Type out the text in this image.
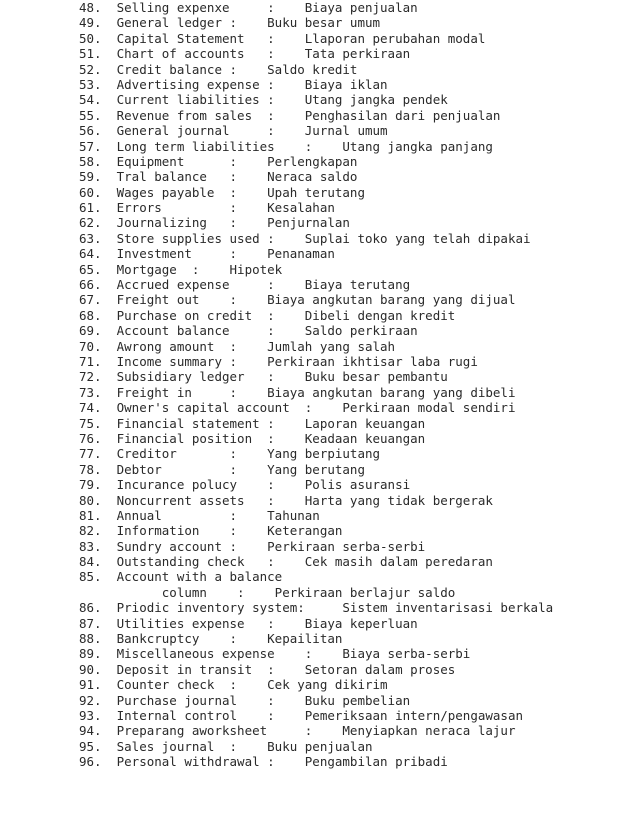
48.  Selling expenxe     :    Biaya penjualan
49.  General ledger :    Buku besar umum
50.  Capital Statement   :    Llaporan perubahan modal
51.  Chart of accounts   :    Tata perkiraan
52.  Credit balance :    Saldo kredit
53.  Advertising expense :    Biaya iklan
54.  Current liabilities :    Utang jangka pendek
55.  Revenue from sales  :    Penghasilan dari penjualan
56.  General journal     :    Jurnal umum
57.  Long term liabilities    :    Utang jangka panjang
58.  Equipment      :    Perlengkapan
59.  Tral balance   :    Neraca saldo
60.  Wages payable  :    Upah terutang
61.  Errors         :    Kesalahan
62.  Journalizing   :    Penjurnalan
63.  Store supplies used :    Suplai toko yang telah dipakai
64.  Investment     :    Penanaman
65.  Mortgage  :    Hipotek
66.  Accrued expense     :    Biaya terutang
67.  Freight out    :    Biaya angkutan barang yang dijual
68.  Purchase on credit  :    Dibeli dengan kredit
69.  Account balance     :    Saldo perkiraan
70.  Awrong amount  :    Jumlah yang salah
71.  Income summary :    Perkiraan ikhtisar laba rugi
72.  Subsidiary ledger   :    Buku besar pembantu
73.  Freight in     :    Biaya angkutan barang yang dibeli
74.  Owner's capital account  :    Perkiraan modal sendiri
75.  Financial statement :    Laporan keuangan
76.  Financial position  :    Keadaan keuangan
77.  Creditor       :    Yang berpiutang
78.  Debtor         :    Yang berutang
79.  Incurance polucy    :    Polis asuransi
80.  Noncurrent assets   :    Harta yang tidak bergerak
81.  Annual         :    Tahunan
82.  Information    :    Keterangan
83.  Sundry account :    Perkiraan serba-serbi
84.  Outstanding check   :    Cek masih dalam peredaran
85.  Account with a balance
column    :    Perkiraan berlajur saldo
86.  Priodic inventory system:     Sistem inventarisasi berkala
87.  Utilities expense   :    Biaya keperluan
88.  Bankcruptcy    :    Kepailitan
89.  Miscellaneous expense    :    Biaya serba-serbi
90.  Deposit in transit  :    Setoran dalam proses
91.  Counter check  :    Cek yang dikirim
92.  Purchase journal    :    Buku pembelian
93.  Internal control    :    Pemeriksaan intern/pengawasan
94.  Preparang aworksheet     :    Menyiapkan neraca lajur
95.  Sales journal  :    Buku penjualan
96.  Personal withdrawal :    Pengambilan pribadi
